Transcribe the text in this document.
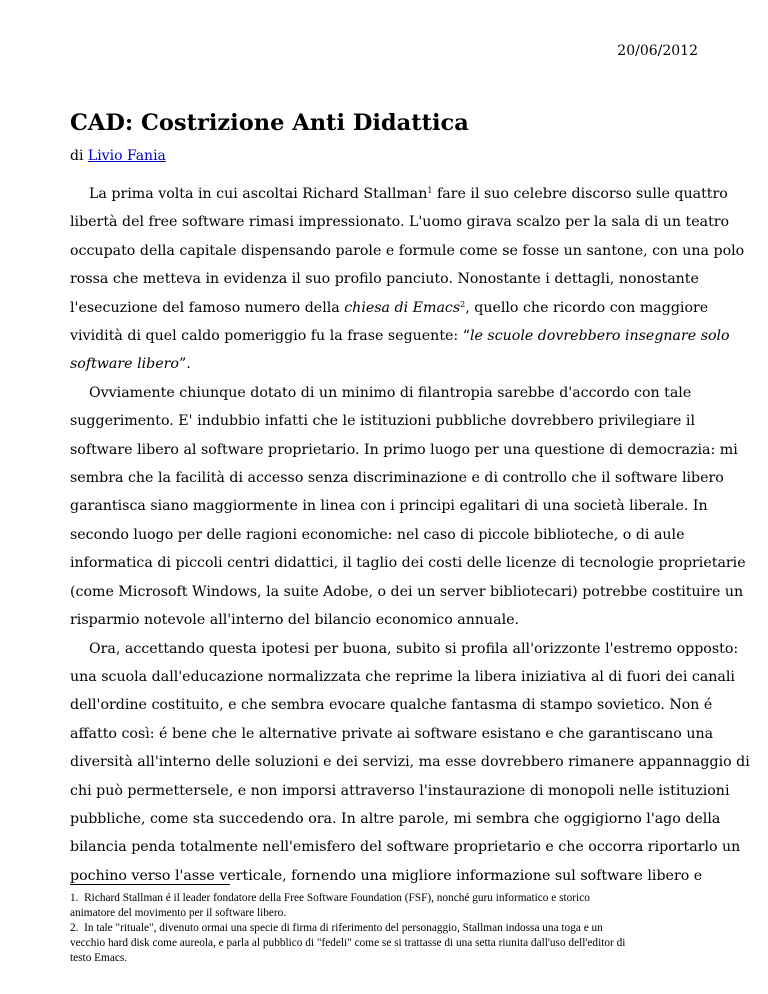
20/06/2012
CAD: Costrizione Anti Didattica
di Livio Fania

La prima volta in cui ascoltai Richard Stallman$^1$ fare il suo celebre discorso sulle quattro
libertà del free software rimasi impressionato. L'uomo girava scalzo per la sala di un teatro
occupato della capitale dispensando parole e formule come se fosse un santone, con una polo
rossa che metteva in evidenza il suo profilo panciuto. Nonostante i dettagli, nonostante
l'esecuzione del famoso numero della chiesa di Emacs$^2$, quello che ricordo con maggiore
vividità di quel caldo pomeriggio fu la frase seguente: “le scuole dovrebbero insegnare solo
software libero”.

Ovviamente chiunque dotato di un minimo di filantropia sarebbe d'accordo con tale
suggerimento. E' indubbio infatti che le istituzioni pubbliche dovrebbero privilegiare il
software libero al software proprietario. In primo luogo per una questione di democrazia: mi
sembra che la facilità di accesso senza discriminazione e di controllo che il software libero
garantisca siano maggiormente in linea con i principi egalitari di una società liberale. In
secondo luogo per delle ragioni economiche: nel caso di piccole biblioteche, o di aule
informatica di piccoli centri didattici, il taglio dei costi delle licenze di tecnologie proprietarie
(come Microsoft Windows, la suite Adobe, o dei un server bibliotecari) potrebbe costituire un
risparmio notevole all'interno del bilancio economico annuale.

Ora, accettando questa ipotesi per buona, subito si profila all'orizzonte l'estremo opposto:
una scuola dall'educazione normalizzata che reprime la libera iniziativa al di fuori dei canali
dell'ordine costituito, e che sembra evocare qualche fantasma di stampo sovietico. Non é
affatto così: é bene che le alternative private ai software esistano e che garantiscano una
diversità all'interno delle soluzioni e dei servizi, ma esse dovrebbero rimanere appannaggio di
chi può permettersele, e non imporsi attraverso l'instaurazione di monopoli nelle istituzioni
pubbliche, come sta succedendo ora. In altre parole, mi sembra che oggigiorno l'ago della
bilancia penda totalmente nell'emisfero del software proprietario e che occorra riportarlo un
pochino verso l'asse verticale, fornendo una migliore informazione sul software libero e

1. Richard Stallman é il leader fondatore della Free Software Foundation (FSF), nonché guru informatico e storico
animatore del movimento per il software libero.

2. In tale "rituale", divenuto ormai una specie di firma di riferimento del personaggio, Stallman indossa una toga e un
vecchio hard disk come aureola, e parla al pubblico di "fedeli" come se si trattasse di una setta riunita dall'uso dell'editor di
testo Emacs.
